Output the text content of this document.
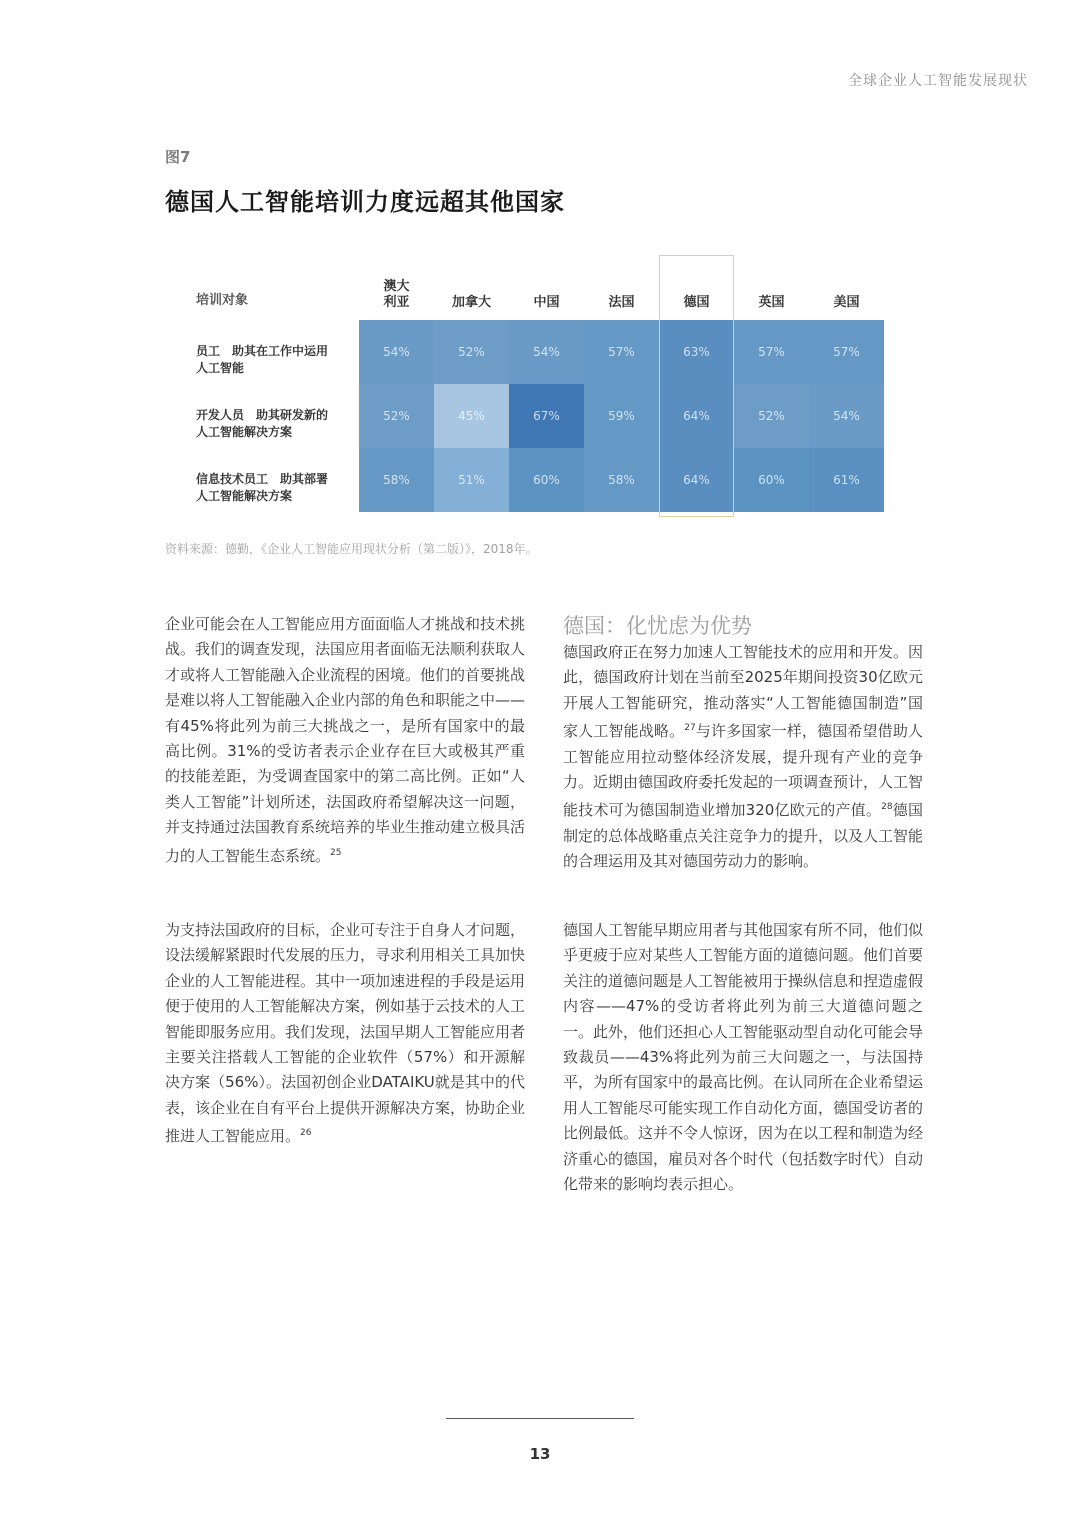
全球企业人工智能发展现状
图7
德国人工智能培训力度远超其他国家
培训对象
澳大
利亚	加拿大	中国	法国	德国	英国	美国
员工　助其在工作中运用
人工智能
54%	52%	54%	57%	63%	57%	57%
开发人员　助其研发新的
人工智能解决方案
52%	45%	67%	59%	64%	52%	54%
信息技术员工　助其部署
人工智能解决方案
58%	51%	60%	58%	64%	60%	61%
资料来源：德勤，《企业人工智能应用现状分析（第二版）》，2018年。

企业可能会在人工智能应用方面面临人才挑战和技术挑战。我们的调查发现，法国应用者面临无法顺利获取人才或将人工智能融入企业流程的困境。他们的首要挑战是难以将人工智能融入企业内部的角色和职能之中——有45%将此列为前三大挑战之一，是所有国家中的最高比例。31%的受访者表示企业存在巨大或极其严重的技能差距，为受调查国家中的第二高比例。正如“人类人工智能”计划所述，法国政府希望解决这一问题，并支持通过法国教育系统培养的毕业生推动建立极具活力的人工智能生态系统。$^{25}$

德国：化忧虑为优势

德国政府正在努力加速人工智能技术的应用和开发。因此，德国政府计划在当前至2025年期间投资30亿欧元开展人工智能研究，推动落实“人工智能德国制造”国家人工智能战略。$^{27}$与许多国家一样，德国希望借助人工智能应用拉动整体经济发展，提升现有产业的竞争力。近期由德国政府委托发起的一项调查预计，人工智能技术可为德国制造业增加320亿欧元的产值。$^{28}$德国制定的总体战略重点关注竞争力的提升，以及人工智能的合理运用及其对德国劳动力的影响。

为支持法国政府的目标，企业可专注于自身人才问题，设法缓解紧跟时代发展的压力，寻求利用相关工具加快企业的人工智能进程。其中一项加速进程的手段是运用便于使用的人工智能解决方案，例如基于云技术的人工智能即服务应用。我们发现，法国早期人工智能应用者主要关注搭载人工智能的企业软件（57%）和开源解决方案（56%）。法国初创企业DATAIKU就是其中的代表，该企业在自有平台上提供开源解决方案，协助企业推进人工智能应用。$^{26}$

德国人工智能早期应用者与其他国家有所不同，他们似乎更疲于应对某些人工智能方面的道德问题。他们首要关注的道德问题是人工智能被用于操纵信息和捏造虚假内容——47%的受访者将此列为前三大道德问题之一。此外，他们还担心人工智能驱动型自动化可能会导致裁员——43%将此列为前三大问题之一，与法国持平，为所有国家中的最高比例。在认同所在企业希望运用人工智能尽可能实现工作自动化方面，德国受访者的比例最低。这并不令人惊讶，因为在以工程和制造为经济重心的德国，雇员对各个时代（包括数字时代）自动化带来的影响均表示担心。

13
